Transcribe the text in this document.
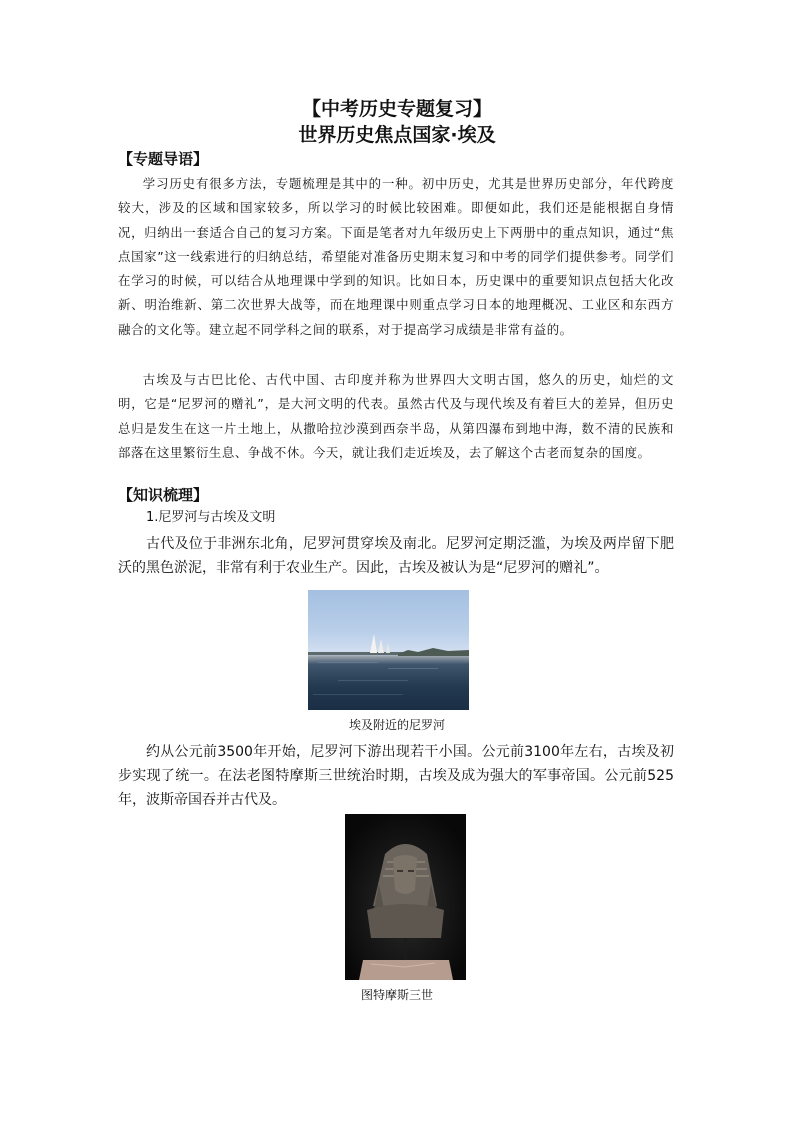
【中考历史专题复习】
世界历史焦点国家·埃及
【专题导语】
学习历史有很多方法，专题梳理是其中的一种。初中历史，尤其是世界历史部分，年代跨度较大，涉及的区域和国家较多，所以学习的时候比较困难。即便如此，我们还是能根据自身情况，归纳出一套适合自己的复习方案。下面是笔者对九年级历史上下两册中的重点知识，通过“焦点国家”这一线索进行的归纳总结，希望能对准备历史期末复习和中考的同学们提供参考。同学们在学习的时候，可以结合从地理课中学到的知识。比如日本，历史课中的重要知识点包括大化改新、明治维新、第二次世界大战等，而在地理课中则重点学习日本的地理概况、工业区和东西方融合的文化等。建立起不同学科之间的联系，对于提高学习成绩是非常有益的。
古埃及与古巴比伦、古代中国、古印度并称为世界四大文明古国，悠久的历史，灿烂的文明，它是“尼罗河的赠礼”，是大河文明的代表。虽然古代及与现代埃及有着巨大的差异，但历史总归是发生在这一片土地上，从撒哈拉沙漠到西奈半岛，从第四瀑布到地中海，数不清的民族和部落在这里繁衍生息、争战不休。今天，就让我们走近埃及，去了解这个古老而复杂的国度。
【知识梳理】
1.尼罗河与古埃及文明
古代及位于非洲东北角，尼罗河贯穿埃及南北。尼罗河定期泛滥，为埃及两岸留下肥沃的黑色淤泥，非常有利于农业生产。因此，古埃及被认为是“尼罗河的赠礼”。
埃及附近的尼罗河
约从公元前3500年开始，尼罗河下游出现若干小国。公元前3100年左右，古埃及初步实现了统一。在法老图特摩斯三世统治时期，古埃及成为强大的军事帝国。公元前525年，波斯帝国吞并古代及。
图特摩斯三世
